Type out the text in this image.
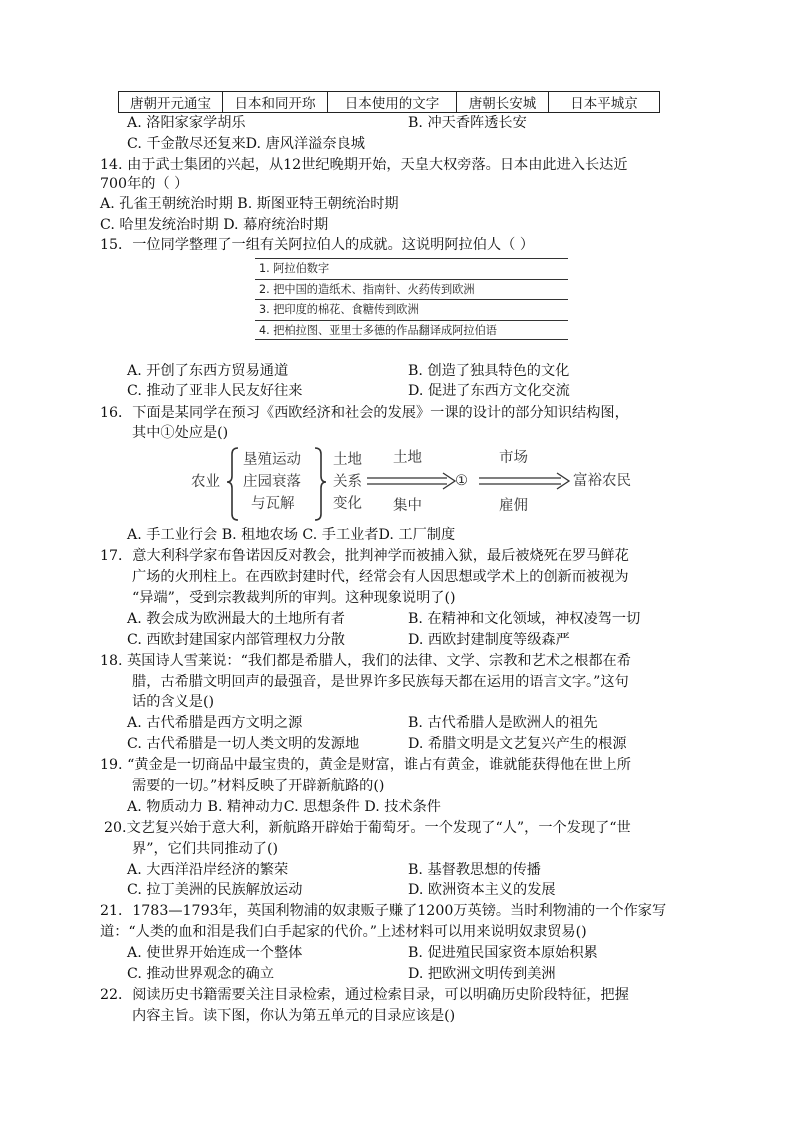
唐朝开元通宝	日本和同开珎	日本使用的文字	唐朝长安城	日本平城京
A. 洛阳家家学胡乐	B. 冲天香阵透长安
C. 千金散尽还复来D. 唐风洋溢奈良城
14. 由于武士集团的兴起，从12世纪晚期开始，天皇大权旁落。日本由此进入长达近
700年的（ ）
A. 孔雀王朝统治时期 B. 斯图亚特王朝统治时期
C. 哈里发统治时期 D. 幕府统治时期
15．一位同学整理了一组有关阿拉伯人的成就。这说明阿拉伯人（ ）
1. 阿拉伯数字
2. 把中国的造纸术、指南针、火药传到欧洲
3. 把印度的棉花、食糖传到欧洲
4. 把柏拉图、亚里士多德的作品翻译成阿拉伯语
A. 开创了东西方贸易通道	B. 创造了独具特色的文化
C. 推动了亚非人民友好往来	D. 促进了东西方文化交流
16．下面是某同学在预习《西欧经济和社会的发展》一课的设计的部分知识结构图，
其中①处应是()
农业
垦殖运动
庄园衰落
与瓦解
土地
关系
变化
土地
集中
①
市场
雇佣
富裕农民
A. 手工业行会 B. 租地农场 C. 手工业者D. 工厂制度
17．意大利科学家布鲁诺因反对教会，批判神学而被捕入狱，最后被烧死在罗马鲜花
广场的火刑柱上。在西欧封建时代，经常会有人因思想或学术上的创新而被视为
“异端”，受到宗教裁判所的审判。这种现象说明了()
A. 教会成为欧洲最大的土地所有者	B. 在精神和文化领域，神权凌驾一切
C. 西欧封建国家内部管理权力分散	D. 西欧封建制度等级森严
18. 英国诗人雪莱说：“我们都是希腊人，我们的法律、文学、宗教和艺术之根都在希
腊，古希腊文明回声的最强音，是世界许多民族每天都在运用的语言文字。”这句
话的含义是()
A. 古代希腊是西方文明之源	B. 古代希腊人是欧洲人的祖先
C. 古代希腊是一切人类文明的发源地	D. 希腊文明是文艺复兴产生的根源
19. “黄金是一切商品中最宝贵的，黄金是财富，谁占有黄金，谁就能获得他在世上所
需要的一切。”材料反映了开辟新航路的()
A. 物质动力 B. 精神动力C. 思想条件 D. 技术条件
20.文艺复兴始于意大利，新航路开辟始于葡萄牙。一个发现了“人”，一个发现了“世
界”，它们共同推动了()
A. 大西洋沿岸经济的繁荣	B. 基督教思想的传播
C. 拉丁美洲的民族解放运动	D. 欧洲资本主义的发展
21．1783—1793年，英国利物浦的奴隶贩子赚了1200万英镑。当时利物浦的一个作家写
道：“人类的血和泪是我们白手起家的代价。”上述材料可以用来说明奴隶贸易()
A. 使世界开始连成一个整体	B. 促进殖民国家资本原始积累
C. 推动世界观念的确立	D. 把欧洲文明传到美洲
22．阅读历史书籍需要关注目录检索，通过检索目录，可以明确历史阶段特征，把握
内容主旨。读下图，你认为第五单元的目录应该是()
